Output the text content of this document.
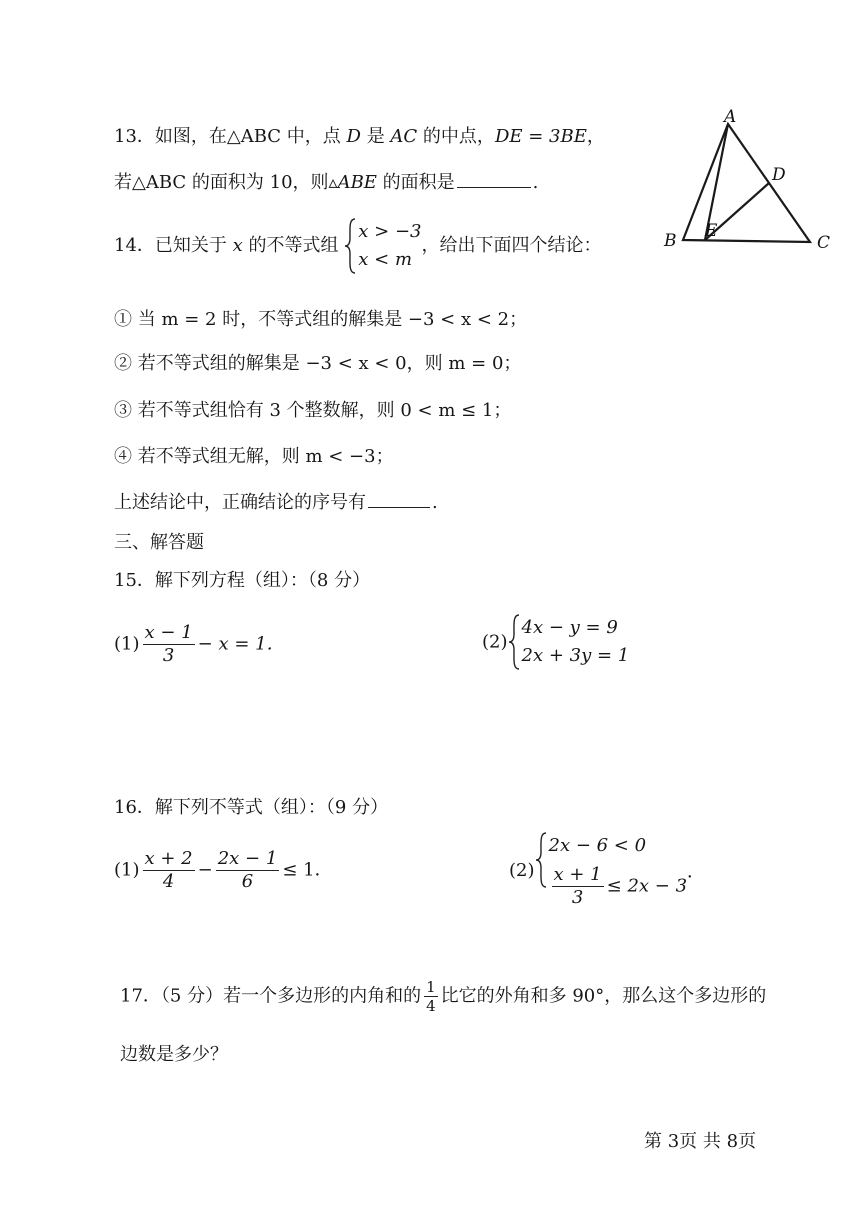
13．如图，在△ABC 中，点 D 是 AC 的中点，DE = 3BE，
若△ABC 的面积为 10，则▵ABE 的面积是	.
A
B	C
D
E
14．已知关于 x 的不等式组
x > −3
x < m
，给出下面四个结论：
① 当 m = 2 时，不等式组的解集是 −3 < x < 2；
② 若不等式组的解集是 −3 < x < 0，则 m = 0；
③ 若不等式组恰有 3 个整数解，则 0 < m ≤ 1；
④ 若不等式组无解，则 m < −3；
上述结论中，正确结论的序号有	.
三、解答题
15．解下列方程（组）：（8 分）
$(1) \frac{x - 1}{3} - x = 1$．	(2)
4x − y = 9
2x + 3y = 1
16．解下列不等式（组）：（9 分）
$(1) \frac{x + 2}{4} - \frac{2x - 1}{6} \le 1$．	(2)
2x − 6 < 0
$\frac{x + 1}{3} \le 2x - 3$
．
17．（5 分）若一个多边形的内角和的 $\frac{1}{4}$ 比它的外角和多 90°，那么这个多边形的
边数是多少？
第 3页 共 8页
